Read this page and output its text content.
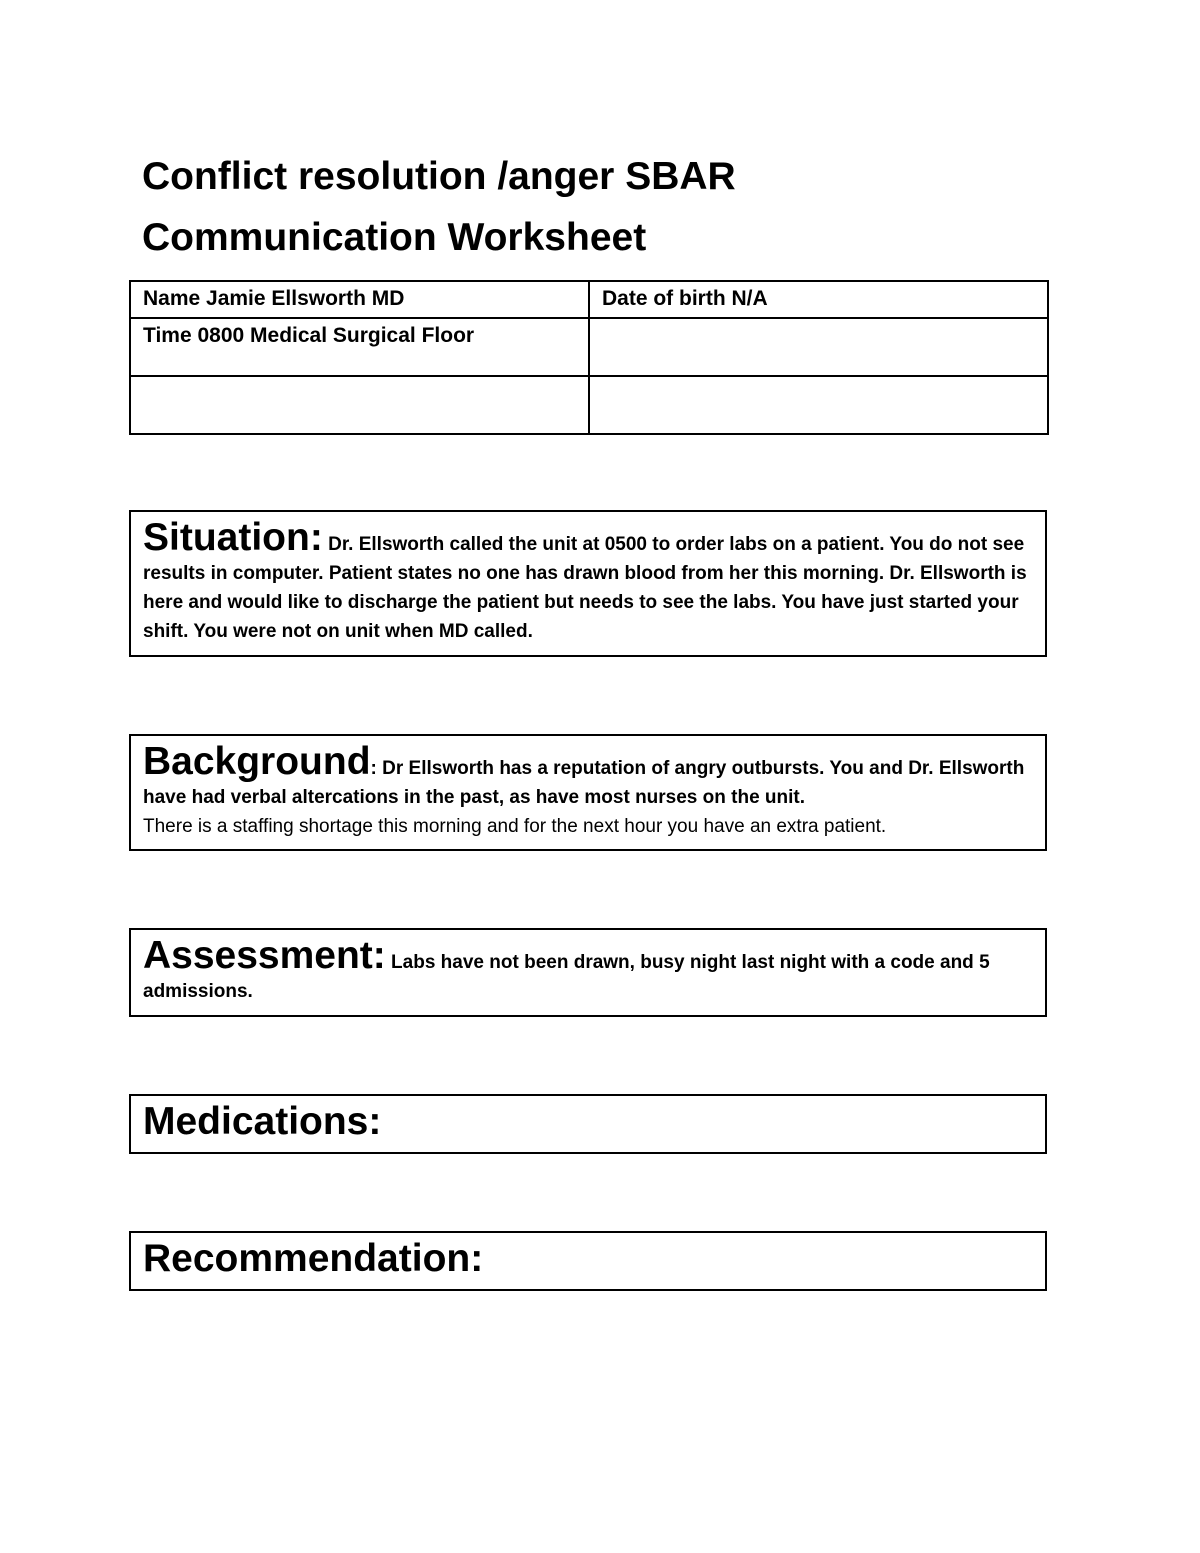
Conflict resolution /anger SBAR
Communication Worksheet
Name Jamie Ellsworth MD	Date of birth N/A
Time 0800 Medical Surgical Floor	

Situation: Dr. Ellsworth called the unit at 0500 to order labs on a patient. You do not see results in computer. Patient states no one has drawn blood from her this morning. Dr. Ellsworth is here and would like to discharge the patient but needs to see the labs. You have just started your shift. You were not on unit when MD called.
Background: Dr Ellsworth has a reputation of angry outbursts. You and Dr. Ellsworth have had verbal altercations in the past, as have most nurses on the unit.
There is a staffing shortage this morning and for the next hour you have an extra patient.
Assessment: Labs have not been drawn, busy night last night with a code and 5 admissions.
Medications:
Recommendation:
